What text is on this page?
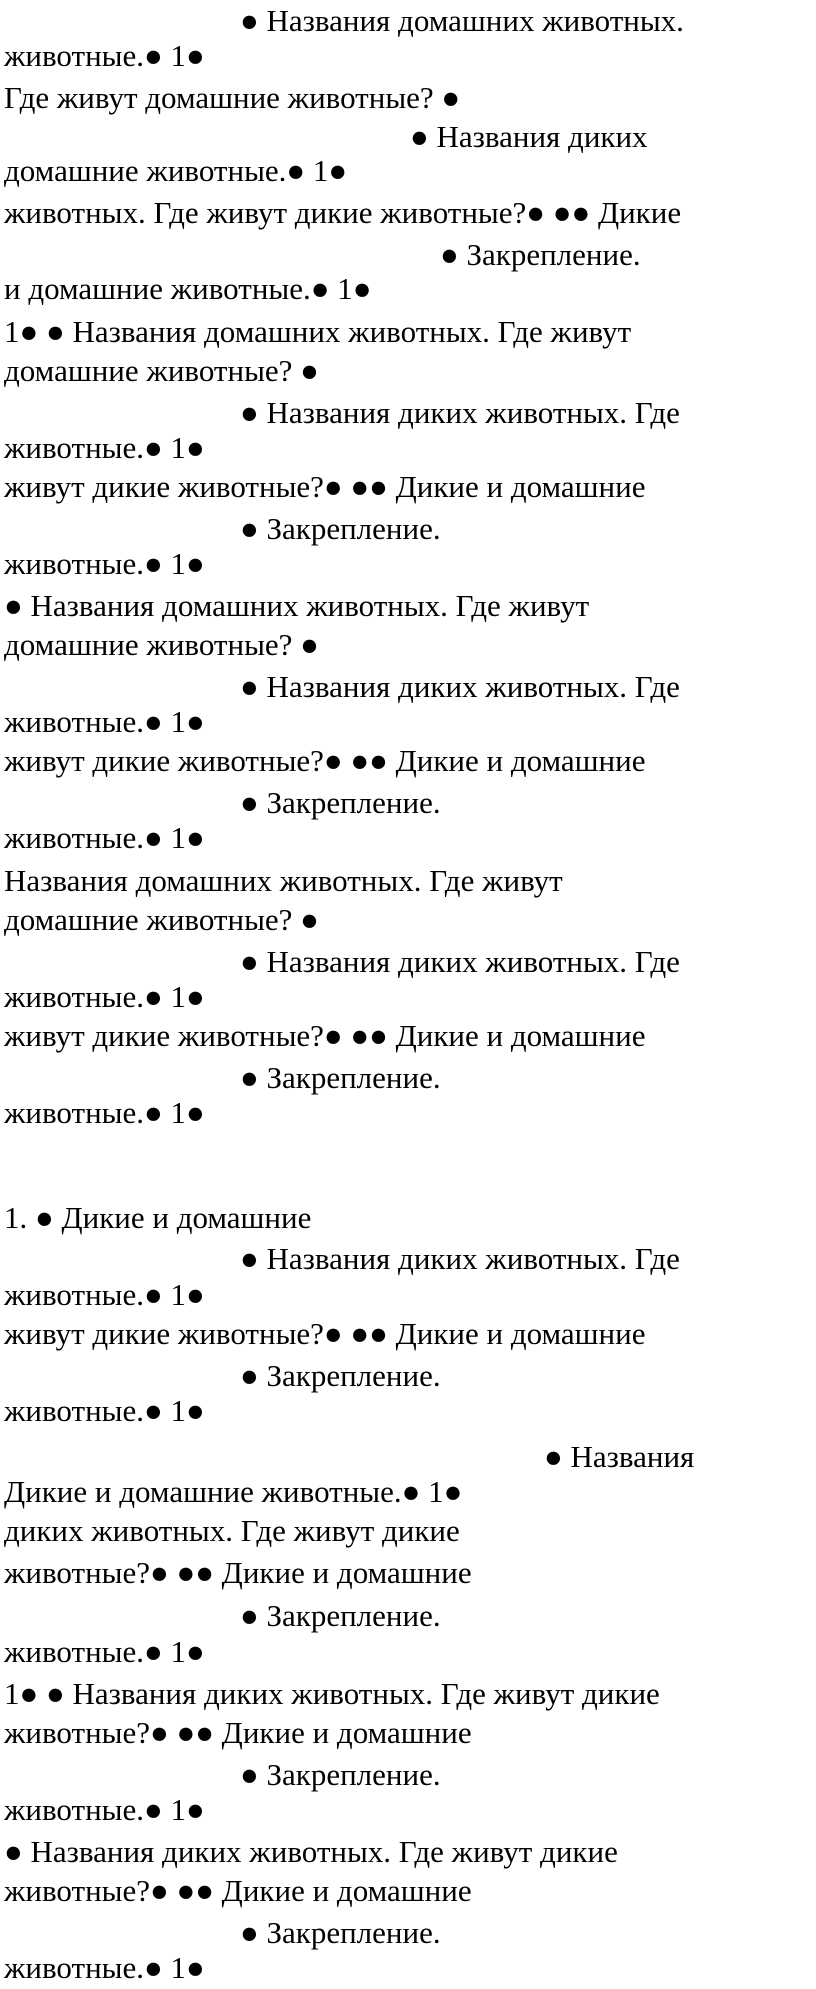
● Названия домашних животных.

животные.● 1●

Где живут домашние животные? ●

● Названия диких

домашние животные.● 1●

животных. Где живут дикие животные?● ●● Дикие

● Закрепление.

и домашние животные.● 1●

1● ● Названия домашних животных. Где живут

домашние животные? ●

● Названия диких животных. Где

животные.● 1●

живут дикие животные?● ●● Дикие и домашние

● Закрепление.

животные.● 1●

● Названия домашних животных. Где живут

домашние животные? ●

● Названия диких животных. Где

животные.● 1●

живут дикие животные?● ●● Дикие и домашние

● Закрепление.

животные.● 1●

Названия домашних животных. Где живут

домашние животные? ●

● Названия диких животных. Где

животные.● 1●

живут дикие животные?● ●● Дикие и домашние

● Закрепление.

животные.● 1●

1. ● Дикие и домашние

● Названия диких животных. Где

животные.● 1●

живут дикие животные?● ●● Дикие и домашние

● Закрепление.

животные.● 1●

● Названия

Дикие и домашние животные.● 1●

диких животных. Где живут дикие

животные?● ●● Дикие и домашние

● Закрепление.

животные.● 1●

1● ● Названия диких животных. Где живут дикие

животные?● ●● Дикие и домашние

● Закрепление.

животные.● 1●

● Названия диких животных. Где живут дикие

животные?● ●● Дикие и домашние

● Закрепление.

животные.● 1●
